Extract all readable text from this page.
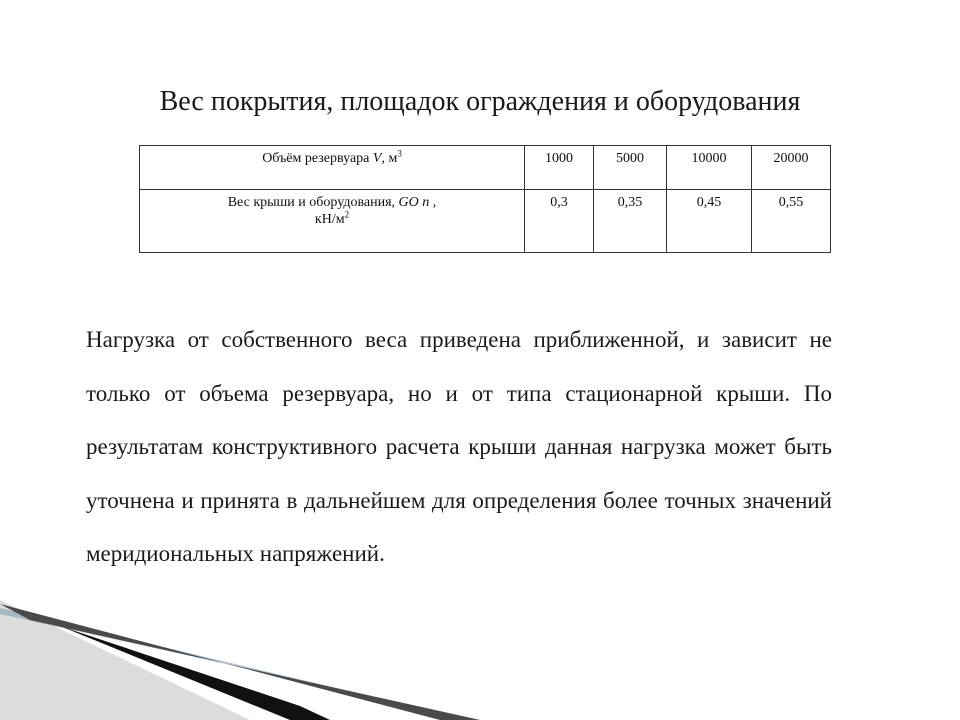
Вес покрытия, площадок ограждения и оборудования
Объём резервуара V, $м^3$	1000	5000	10000	20000
Вес крыши и оборудования, GO n ,
$кН/м^2$	0,3	0,35	0,45	0,55
Нагрузка от собственного веса приведена приближенной, и зависит не только от объема резервуара, но и от типа стационарной крыши. По результатам конструктивного расчета крыши данная нагрузка может быть уточнена и принята в дальнейшем для определения более точных значений меридиональных напряжений.
